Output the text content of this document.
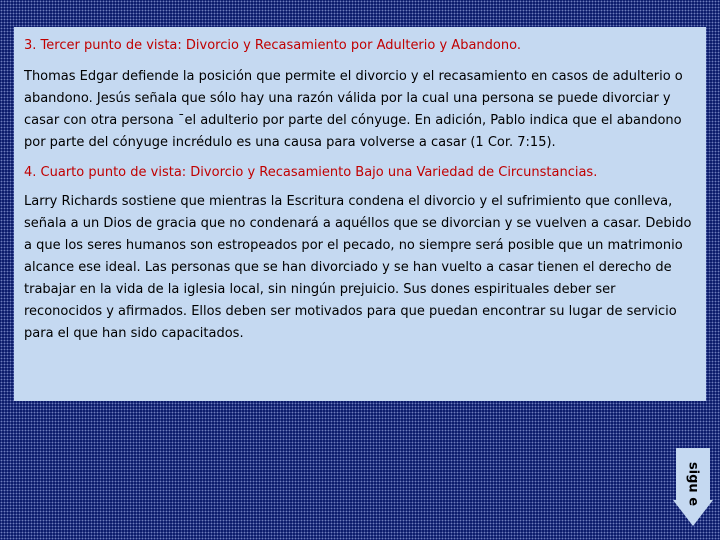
3. Tercer punto de vista: Divorcio y Recasamiento por Adulterio y Abandono.

Thomas Edgar defiende la posición que permite el divorcio y el recasamiento en casos de adulterio o abandono. Jesús señala que sólo hay una razón válida por la cual una persona se puede divorciar y casar con otra persona ¯el adulterio por parte del cónyuge. En adición, Pablo indica que el abandono por parte del cónyuge incrédulo es una causa para volverse a casar (1 Cor. 7:15).

4. Cuarto punto de vista: Divorcio y Recasamiento Bajo una Variedad de Circunstancias.

Larry Richards sostiene que mientras la Escritura condena el divorcio y el sufrimiento que conlleva, señala a un Dios de gracia que no condenará a aquéllos que se divorcian y se vuelven a casar. Debido a que los seres humanos son estropeados por el pecado, no siempre será posible que un matrimonio alcance ese ideal. Las personas que se han divorciado y se han vuelto a casar tienen el derecho de trabajar en la vida de la iglesia local, sin ningún prejuicio. Sus dones espirituales deber ser reconocidos y afirmados. Ellos deben ser motivados para que puedan encontrar su lugar de servicio para el que han sido capacitados.

sigu e
